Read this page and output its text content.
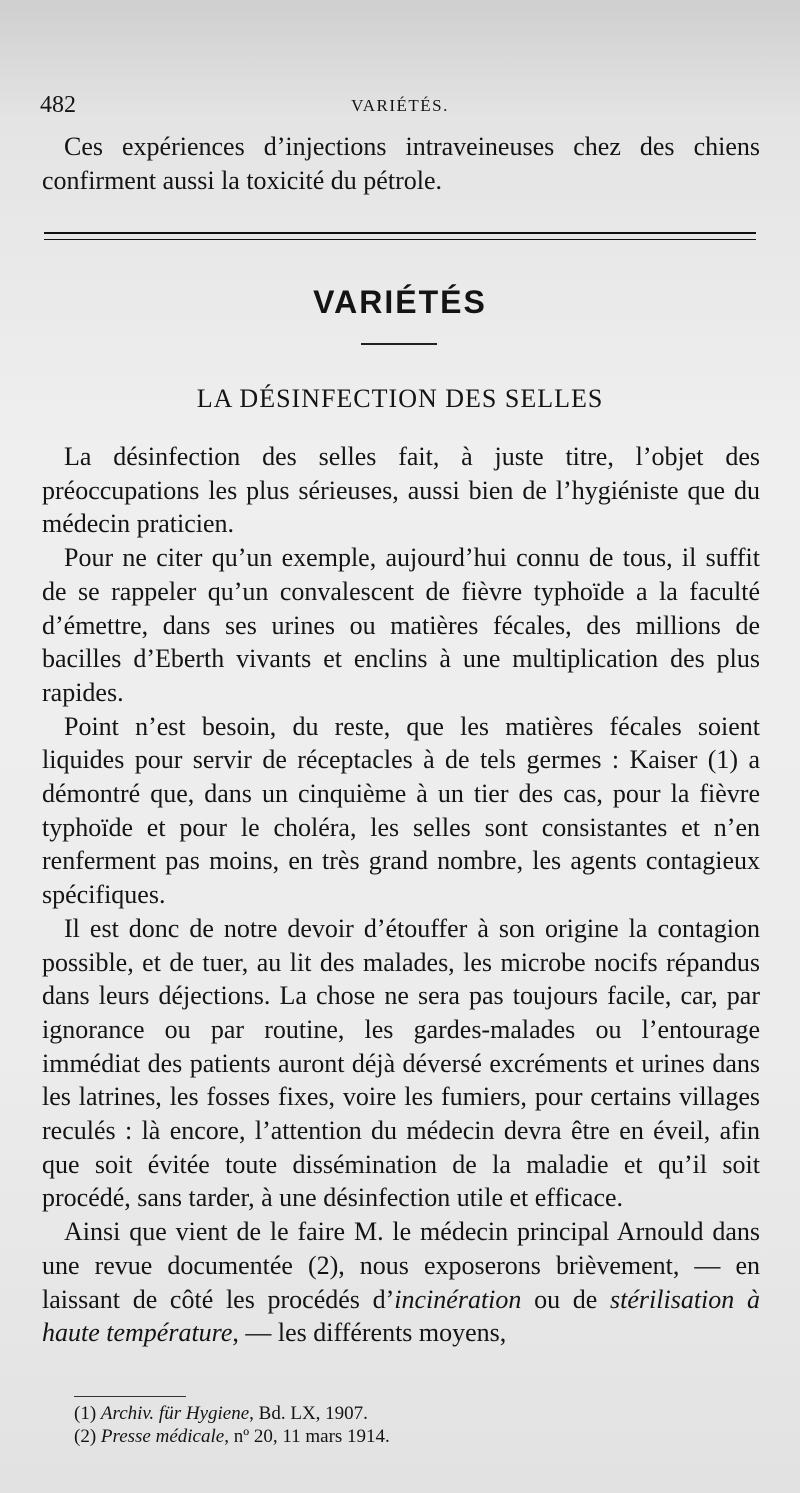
482	VARIÉTÉS.

Ces expériences d’injections intraveineuses chez des chiens confirment aussi la toxicité du pétrole.

VARIÉTÉS
LA DÉSINFECTION DES SELLES

La désinfection des selles fait, à juste titre, l’objet des préoccupations les plus sérieuses, aussi bien de l’hygiéniste que du médecin praticien.

Pour ne citer qu’un exemple, aujourd’hui connu de tous, il suffit de se rappeler qu’un convalescent de fièvre typhoïde a la faculté d’émettre, dans ses urines ou matières fécales, des millions de bacilles d’Eberth vivants et enclins à une multiplication des plus rapides.

Point n’est besoin, du reste, que les matières fécales soient liquides pour servir de réceptacles à de tels germes : Kaiser (1) a démontré que, dans un cinquième à un tier des cas, pour la fièvre typhoïde et pour le choléra, les selles sont consistantes et n’en renferment pas moins, en très grand nombre, les agents contagieux spécifiques.

Il est donc de notre devoir d’étouffer à son origine la contagion possible, et de tuer, au lit des malades, les microbe nocifs répandus dans leurs déjections. La chose ne sera pas toujours facile, car, par ignorance ou par routine, les gardes-malades ou l’entourage immédiat des patients auront déjà déversé excréments et urines dans les latrines, les fosses fixes, voire les fumiers, pour certains villages reculés : là encore, l’attention du médecin devra être en éveil, afin que soit évitée toute dissémination de la maladie et qu’il soit procédé, sans tarder, à une désinfection utile et efficace.

Ainsi que vient de le faire M. le médecin principal Arnould dans une revue documentée (2), nous exposerons brièvement, — en laissant de côté les procédés d’incinération ou de stérilisation à haute température, — les différents moyens,

(1) Archiv. für Hygiene, Bd. LX, 1907.
(2) Presse médicale, nº 20, 11 mars 1914.
